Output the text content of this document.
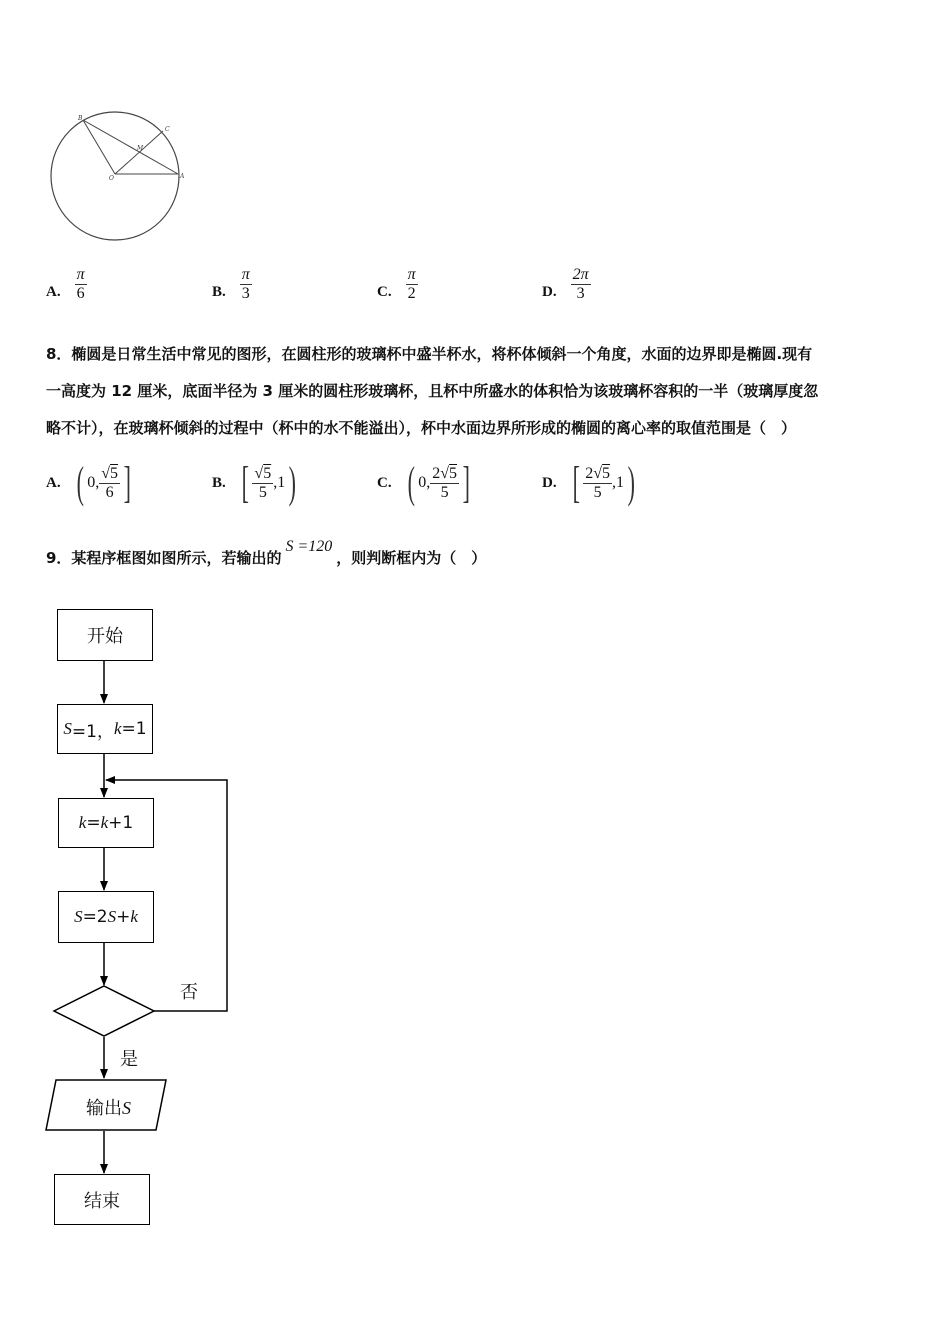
B
C
M
O	A
A. $\frac{\pi}{6}$	B. $\frac{\pi}{3}$	C. $\frac{\pi}{2}$	D. $\frac{2\pi}{3}$
8．椭圆是日常生活中常见的图形，在圆柱形的玻璃杯中盛半杯水，将杯体倾斜一个角度，水面的边界即是椭圆.现有
一高度为 12 厘米，底面半径为 3 厘米的圆柱形玻璃杯，且杯中所盛水的体积恰为该玻璃杯容积的一半（玻璃厚度忽
略不计），在玻璃杯倾斜的过程中（杯中的水不能溢出），杯中水面边界所形成的椭圆的离心率的取值范围是（　）
A. ( 0, $\frac{√5}{6}$ ]	B. [ $\frac{√5}{5} ,1$ )	C. ( 0, $\frac{2√5}{5}$ ]	D. [ $\frac{2√5}{5} ,1$ )
9．某程序框图如图所示，若输出的S =120，则判断框内为（　）
开始
S =1， k =1
k = k +1
S =2 S + k
否
是
输出S
结束
